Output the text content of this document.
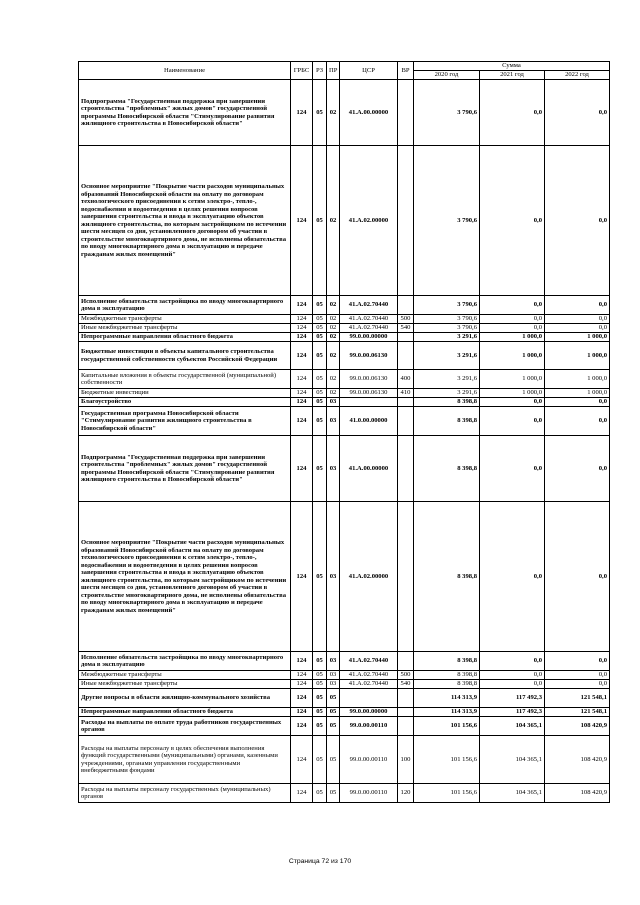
Наименование	ГРБС	РЗ	ПР	ЦСР	ВР	Сумма		
						2020 год	2021 год	2022 год
Подпрограмма "Государственная поддержка при завершении строительства "проблемных" жилых домов" государственной программы Новосибирской области "Стимулирование развития жилищного строительства в Новосибирской области"	124	05	02	41.А.00.00000		3 790,6	0,0	0,0
Основное мероприятие "Покрытие части расходов муниципальных образований Новосибирской области на оплату по договорам технологического присоединения к сетям электро-, тепло-, водоснабжения и водоотведения в целях решения вопросов завершения строительства и ввода в эксплуатацию объектов жилищного строительства, по которым застройщиком по истечении шести месяцев со дня, установленного договором об участии в строительстве многоквартирного дома, не исполнены обязательства по вводу многоквартирного дома в эксплуатацию и передаче гражданам жилых помещений"	124	05	02	41.А.02.00000		3 790,6	0,0	0,0
Исполнение обязательств застройщика по вводу многоквартирного дома в эксплуатацию	124	05	02	41.А.02.70440		3 790,6	0,0	0,0
Межбюджетные трансферты	124	05	02	41.А.02.70440	500	3 790,6	0,0	0,0
Иные межбюджетные трансферты	124	05	02	41.А.02.70440	540	3 790,6	0,0	0,0
Непрограммные направления областного бюджета	124	05	02	99.0.00.00000		3 291,6	1 000,0	1 000,0
Бюджетные инвестиции в объекты капитального строительства государственной собственности субъектов Российской Федерации	124	05	02	99.0.00.06130		3 291,6	1 000,0	1 000,0
Капитальные вложения в объекты государственной (муниципальной) собственности	124	05	02	99.0.00.06130	400	3 291,6	1 000,0	1 000,0
Бюджетные инвестиции	124	05	02	99.0.00.06130	410	3 291,6	1 000,0	1 000,0
Благоустройство	124	05	03			8 398,8	0,0	0,0
Государственная программа Новосибирской области "Стимулирование развития жилищного строительства в Новосибирской области"	124	05	03	41.0.00.00000		8 398,8	0,0	0,0
Подпрограмма "Государственная поддержка при завершении строительства "проблемных" жилых домов" государственной программы Новосибирской области "Стимулирование развития жилищного строительства в Новосибирской области"	124	05	03	41.А.00.00000		8 398,8	0,0	0,0
Основное мероприятие "Покрытие части расходов муниципальных образований Новосибирской области на оплату по договорам технологического присоединения к сетям электро-, тепло-, водоснабжения и водоотведения в целях решения вопросов завершения строительства и ввода в эксплуатацию объектов жилищного строительства, по которым застройщиком по истечении шести месяцев со дня, установленного договором об участии в строительстве многоквартирного дома, не исполнены обязательства по вводу многоквартирного дома в эксплуатацию и передаче гражданам жилых помещений"	124	05	03	41.А.02.00000		8 398,8	0,0	0,0
Исполнение обязательств застройщика по вводу многоквартирного дома в эксплуатацию	124	05	03	41.А.02.70440		8 398,8	0,0	0,0
Межбюджетные трансферты	124	05	03	41.А.02.70440	500	8 398,8	0,0	0,0
Иные межбюджетные трансферты	124	05	03	41.А.02.70440	540	8 398,8	0,0	0,0
Другие вопросы в области жилищно-коммунального хозяйства	124	05	05			114 313,9	117 492,3	121 548,1
Непрограммные направления областного бюджета	124	05	05	99.0.00.00000		114 313,9	117 492,3	121 548,1
Расходы на выплаты по оплате труда работников государственных органов	124	05	05	99.0.00.00110		101 156,6	104 365,1	108 420,9
Расходы на выплаты персоналу в целях обеспечения выполнения функций государственными (муниципальными) органами, казенными учреждениями, органами управления государственными внебюджетными фондами	124	05	05	99.0.00.00110	100	101 156,6	104 365,1	108 420,9
Расходы на выплаты персоналу государственных (муниципальных) органов	124	05	05	99.0.00.00110	120	101 156,6	104 365,1	108 420,9
Страница 72 из 170
